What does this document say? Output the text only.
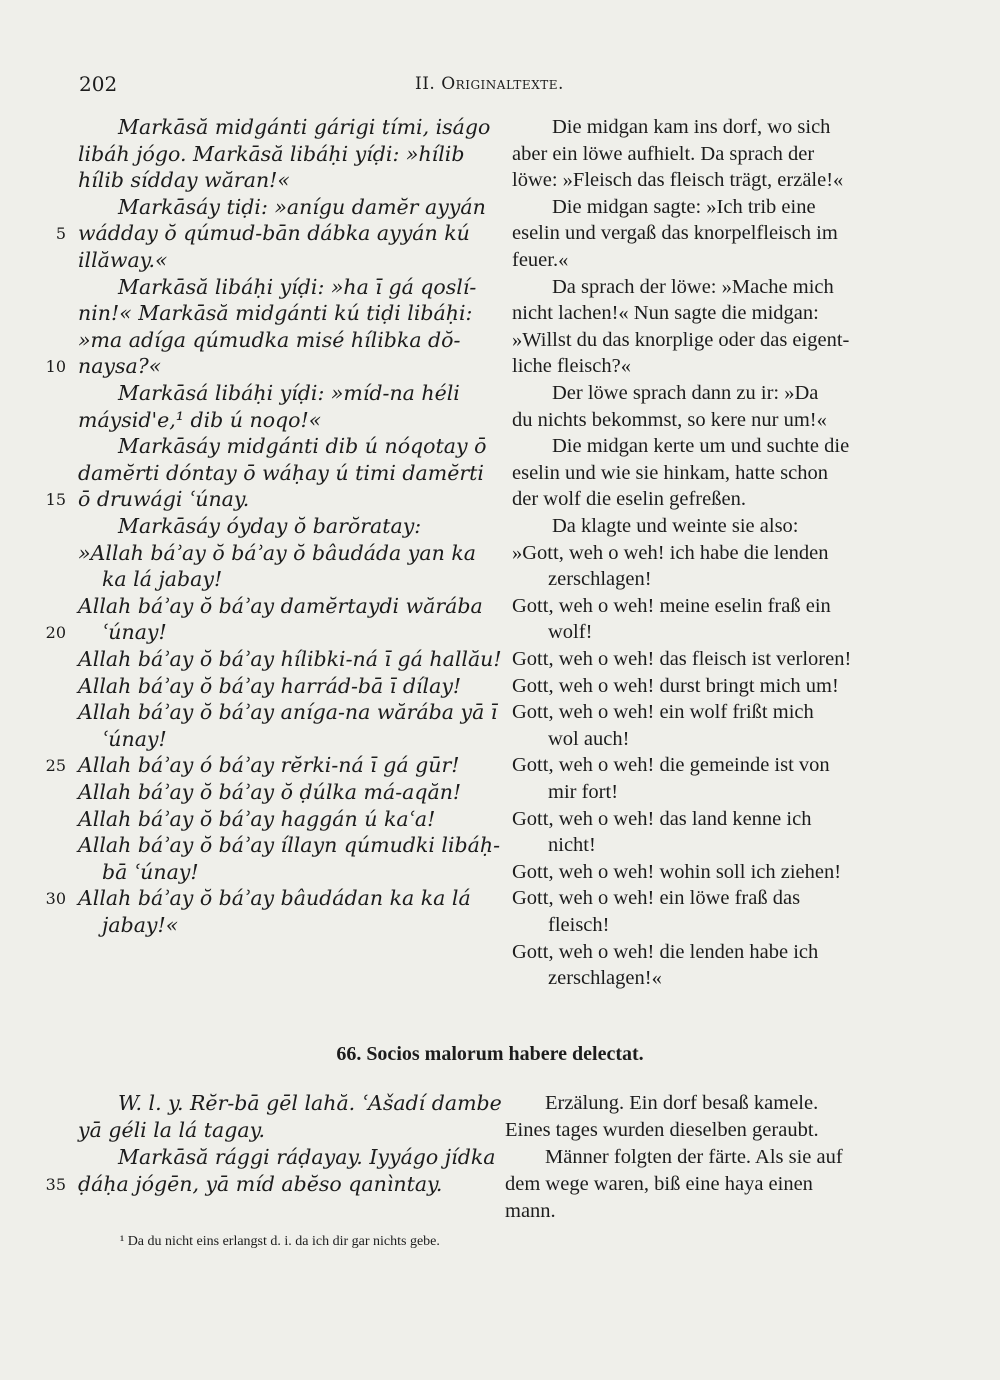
202	II. Originaltexte.
Markāsă midgánti gárigi tími, iságo
libáh jógo. Markāsă libáḥi yíḍi: »hílib
hílib sídday wăran!«
Markāsáy tiḍi: »anígu damĕr ayyán
5 wádday ŏ qúmud-bān dábka ayyán kú
illăway.«
Markāsă libáḥi yíḍi: »ha ī gá qoslí-
nin!« Markāsă midgánti kú tiḍi libáḥi:
»ma adíga qúmudka misé hílibka dŏ-
10 naysa?«
Markāsá libáḥi yíḍi: »míd-na héli
máysid'e,¹ dib ú noqo!«
Markāsáy midgánti dib ú nóqotay ō
damĕrti dóntay ō wáḥay ú timi damĕrti
15 ō druwági ʿúnay.
Markāsáy óyday ŏ barŏratay:
»Allah báʾay ŏ báʾay ŏ bâudáda yan ka
ka lá jabay!
Allah báʾay ŏ báʾay damĕrtaydi wărába
20 ʿúnay!
Allah báʾay ŏ báʾay hílibki-ná ī gá hallău!
Allah báʾay ŏ báʾay harrád-bā ī dílay!
Allah báʾay ŏ báʾay aníga-na wărába yā ī
ʿúnay!
25 Allah báʾay ó báʾay rĕrki-ná ī gá gūr!
Allah báʾay ŏ báʾay ŏ ḍúlka má-aqăn!
Allah báʾay ŏ báʾay haggán ú kaʿa!
Allah báʾay ŏ báʾay íllayn qúmudki libáḥ-
bā ʿúnay!
30 Allah báʾay ŏ báʾay bâudádan ka ka lá
jabay!«
Die midgan kam ins dorf, wo sich
aber ein löwe aufhielt. Da sprach der
löwe: »Fleisch das fleisch trägt, erzäle!«
Die midgan sagte: »Ich trib eine
eselin und vergaß das knorpelfleisch im
feuer.«
Da sprach der löwe: »Mache mich
nicht lachen!« Nun sagte die midgan:
»Willst du das knorplige oder das eigent-
liche fleisch?«
Der löwe sprach dann zu ir: »Da
du nichts bekommst, so kere nur um!«
Die midgan kerte um und suchte die
eselin und wie sie hinkam, hatte schon
der wolf die eselin gefreßen.
Da klagte und weinte sie also:
»Gott, weh o weh! ich habe die lenden
zerschlagen!
Gott, weh o weh! meine eselin fraß ein
wolf!
Gott, weh o weh! das fleisch ist verloren!
Gott, weh o weh! durst bringt mich um!
Gott, weh o weh! ein wolf frißt mich
wol auch!
Gott, weh o weh! die gemeinde ist von
mir fort!
Gott, weh o weh! das land kenne ich
nicht!
Gott, weh o weh! wohin soll ich ziehen!
Gott, weh o weh! ein löwe fraß das
fleisch!
Gott, weh o weh! die lenden habe ich
zerschlagen!«
66. Socios malorum habere delectat.
W. l. y. Rĕr-bā gēl lahă. ʿAšadí dambe
yā géli la lá tagay.
Markāsă rággi ráḍayay. Iyyágo jídka
35 ḍáḥa jógēn, yā míd abĕso qanìntay.
Erzälung. Ein dorf besaß kamele.
Eines tages wurden dieselben geraubt.
Männer folgten der färte. Als sie auf
dem wege waren, biß eine haya einen
mann.
¹ Da du nicht eins erlangst d. i. da ich dir gar nichts gebe.
